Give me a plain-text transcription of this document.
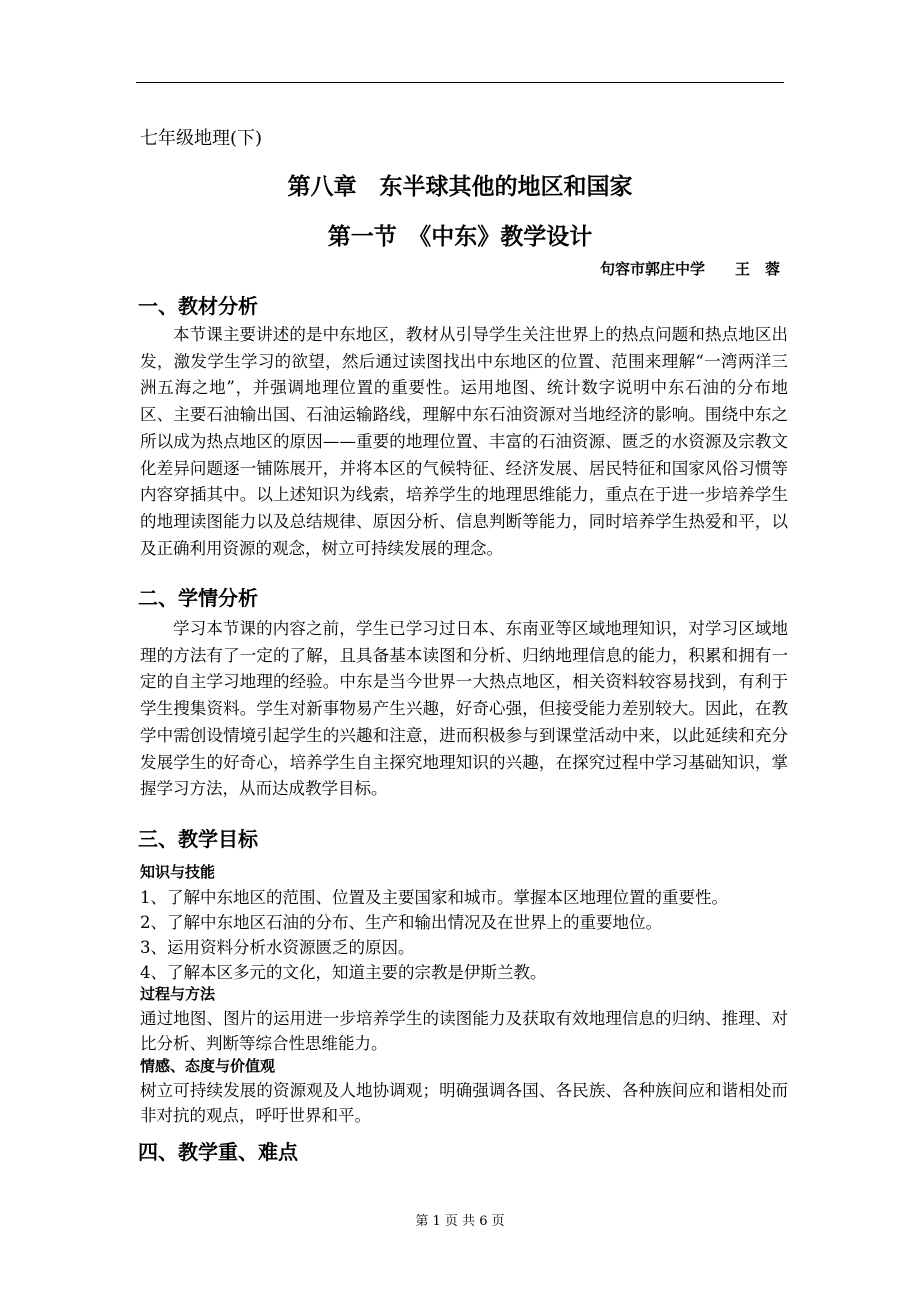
七年级地理(下)
第八章　东半球其他的地区和国家
第一节　《中东》教学设计
句容市郭庄中学　　王　蓉
一、教材分析

本节课主要讲述的是中东地区，教材从引导学生关注世界上的热点问题和热点地区出发，激发学生学习的欲望，然后通过读图找出中东地区的位置、范围来理解“一湾两洋三洲五海之地”，并强调地理位置的重要性。运用地图、统计数字说明中东石油的分布地区、主要石油输出国、石油运输路线，理解中东石油资源对当地经济的影响。围绕中东之所以成为热点地区的原因——重要的地理位置、丰富的石油资源、匮乏的水资源及宗教文化差异问题逐一铺陈展开，并将本区的气候特征、经济发展、居民特征和国家风俗习惯等内容穿插其中。以上述知识为线索，培养学生的地理思维能力，重点在于进一步培养学生的地理读图能力以及总结规律、原因分析、信息判断等能力，同时培养学生热爱和平，以及正确利用资源的观念，树立可持续发展的理念。

二、学情分析

学习本节课的内容之前，学生已学习过日本、东南亚等区域地理知识，对学习区域地理的方法有了一定的了解，且具备基本读图和分析、归纳地理信息的能力，积累和拥有一定的自主学习地理的经验。中东是当今世界一大热点地区，相关资料较容易找到，有利于学生搜集资料。学生对新事物易产生兴趣，好奇心强，但接受能力差别较大。因此，在教学中需创设情境引起学生的兴趣和注意，进而积极参与到课堂活动中来，以此延续和充分发展学生的好奇心，培养学生自主探究地理知识的兴趣，在探究过程中学习基础知识，掌握学习方法，从而达成教学目标。

三、教学目标
知识与技能
1、了解中东地区的范围、位置及主要国家和城市。掌握本区地理位置的重要性。
2、了解中东地区石油的分布、生产和输出情况及在世界上的重要地位。
3、运用资料分析水资源匮乏的原因。
4、了解本区多元的文化，知道主要的宗教是伊斯兰教。
过程与方法

通过地图、图片的运用进一步培养学生的读图能力及获取有效地理信息的归纳、推理、对比分析、判断等综合性思维能力。

情感、态度与价值观

树立可持续发展的资源观及人地协调观；明确强调各国、各民族、各种族间应和谐相处而非对抗的观点，呼吁世界和平。

四、教学重、难点
第 1 页 共 6 页
